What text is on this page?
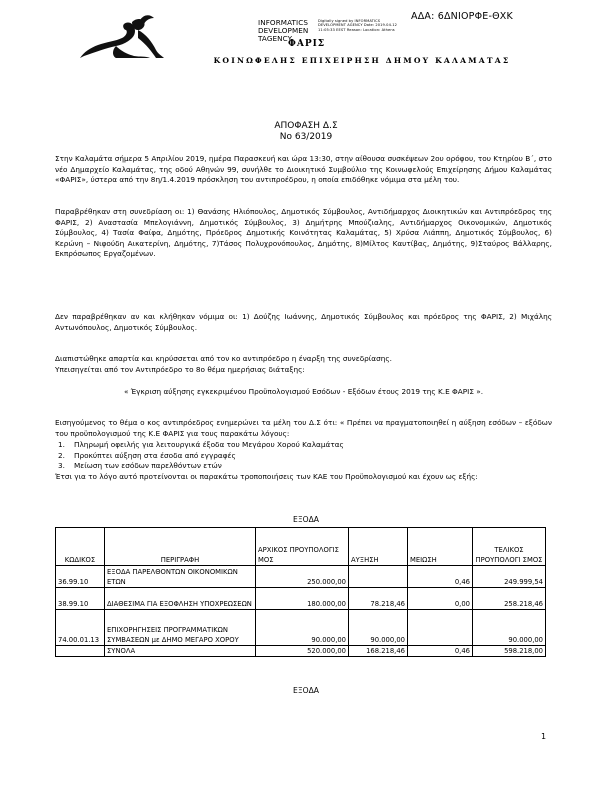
ΑΔΑ: 6ΔΝΙΟΡΦΕ-ΘΧΚ
INFORMATICS
DEVELOPMEN
TAGENCY
Digitally signed by INFORMATICS DEVELOPMENT AGENCY Date: 2019.04.12 11:05:33 EEST Reason: Location: Athens
ΦΑΡΙΣ
ΚΟΙΝΩΦΕΛΗΣ ΕΠΙΧΕΙΡΗΣΗ ΔΗΜΟΥ ΚΑΛΑΜΑΤΑΣ
ΑΠΟΦΑΣΗ Δ.Σ
Νο 63/2019

Στην Καλαμάτα σήμερα 5 Απριλίου 2019, ημέρα Παρασκευή και ώρα 13:30, στην αίθουσα συσκέψεων 2ου ορόφου, του Κτηρίου Β΄, στο νέο Δημαρχείο Καλαμάτας, της οδού Αθηνών 99, συνήλθε το Διοικητικό Συμβούλιο της Κοινωφελούς Επιχείρησης Δήμου Καλαμάτας «ΦΑΡΙΣ», ύστερα από την 8η/1.4.2019 πρόσκληση του αντιπροέδρου, η οποία επιδόθηκε νόμιμα στα μέλη του.

Παραβρέθηκαν στη συνεδρίαση οι: 1) Θανάσης Ηλιόπουλος, Δημοτικός Σύμβουλος, Αντιδήμαρχος Διοικητικών και Αντιπρόεδρος της ΦΑΡΙΣ, 2) Αναστασία Μπελογιάννη, Δημοτικός Σύμβουλος, 3) Δημήτρης Μπούζιαλης, Αντιδήμαρχος Οικονομικών, Δημοτικός Σύμβουλος, 4) Τασία Φαίφα, Δημότης, Πρόεδρος Δημοτικής Κοινότητας Καλαμάτας, 5) Χρύσα Λιάππη, Δημοτικός Σύμβουλος, 6) Κερώνη – Νιφούδη Αικατερίνη, Δημότης, 7)Τάσος Πολυχρονόπουλος, Δημότης, 8)Μίλτος Καυτίβας, Δημότης, 9)Σταύρος Βάλλαρης, Εκπρόσωπος Εργαζομένων.

Δεν παραβρέθηκαν αν και κλήθηκαν νόμιμα οι: 1) Δούζης Ιωάννης, Δημοτικός Σύμβουλος και πρόεδρος της ΦΑΡΙΣ, 2) Μιχάλης Αντωνόπουλος, Δημοτικός Σύμβουλος.

Διαπιστώθηκε απαρτία και κηρύσσεται από τον κο αντιπρόεδρο η έναρξη της συνεδρίασης.

Υπεισηγείται από τον Αντιπρόεδρο το 8ο θέμα ημερήσιας διάταξης:

« Έγκριση αύξησης εγκεκριμένου Προϋπολογισμού Εσόδων - Εξόδων έτους 2019 της Κ.Ε ΦΑΡΙΣ ».

Εισηγούμενος το θέμα ο κος αντιπρόεδρος ενημερώνει τα μέλη του Δ.Σ ότι: « Πρέπει να πραγματοποιηθεί η αύξηση εσόδων – εξόδων του προϋπολογισμού της Κ.Ε ΦΑΡΙΣ για τους παρακάτω λόγους:

1. Πληρωμή οφειλής για λειτουργικά έξοδα του Μεγάρου Χορού Καλαμάτας
2. Προκύπτει αύξηση στα έσοδα από εγγραφές
3. Μείωση των εσόδων παρελθόντων ετών

Έτσι για το λόγο αυτό προτείνονται οι παρακάτω τροποποιήσεις των ΚΑΕ του Προϋπολογισμού και έχουν ως εξής:

ΕΞΟΔΑ
ΚΩΔΙΚΟΣ	ΠΕΡΙΓΡΑΦΗ	ΑΡΧΙΚΟΣ ΠΡΟΥΠΟΛΟΓΙΣ ΜΟΣ	ΑΥΞΗΣΗ	ΜΕΙΩΣΗ	ΤΕΛΙΚΟΣ ΠΡΟΥΠΟΛΟΓΙ ΣΜΟΣ
36.99.10	ΕΞΟΔΑ ΠΑΡΕΛΘΟΝΤΩΝ ΟΙΚΟΝΟΜΙΚΩΝ ΕΤΩΝ	250.000,00		0,46	249.999,54
38.99.10	ΔΙΑΘΕΣΙΜΑ ΓΙΑ ΕΞΟΦΛΗΣΗ ΥΠΟΧΡΕΩΣΕΩΝ	180.000,00	78.218,46	0,00	258.218,46
74.00.01.13	ΕΠΙΧΟΡΗΓΗΣΕΙΣ ΠΡΟΓΡΑΜΜΑΤΙΚΩΝ ΣΥΜΒΑΣΕΩΝ με ΔΗΜΟ ΜΕΓΑΡΟ ΧΟΡΟΥ	90.000,00	90.000,00		90.000,00
	ΣΥΝΟΛΑ	520.000,00	168.218,46	0,46	598.218,00
ΕΞΟΔΑ
1
